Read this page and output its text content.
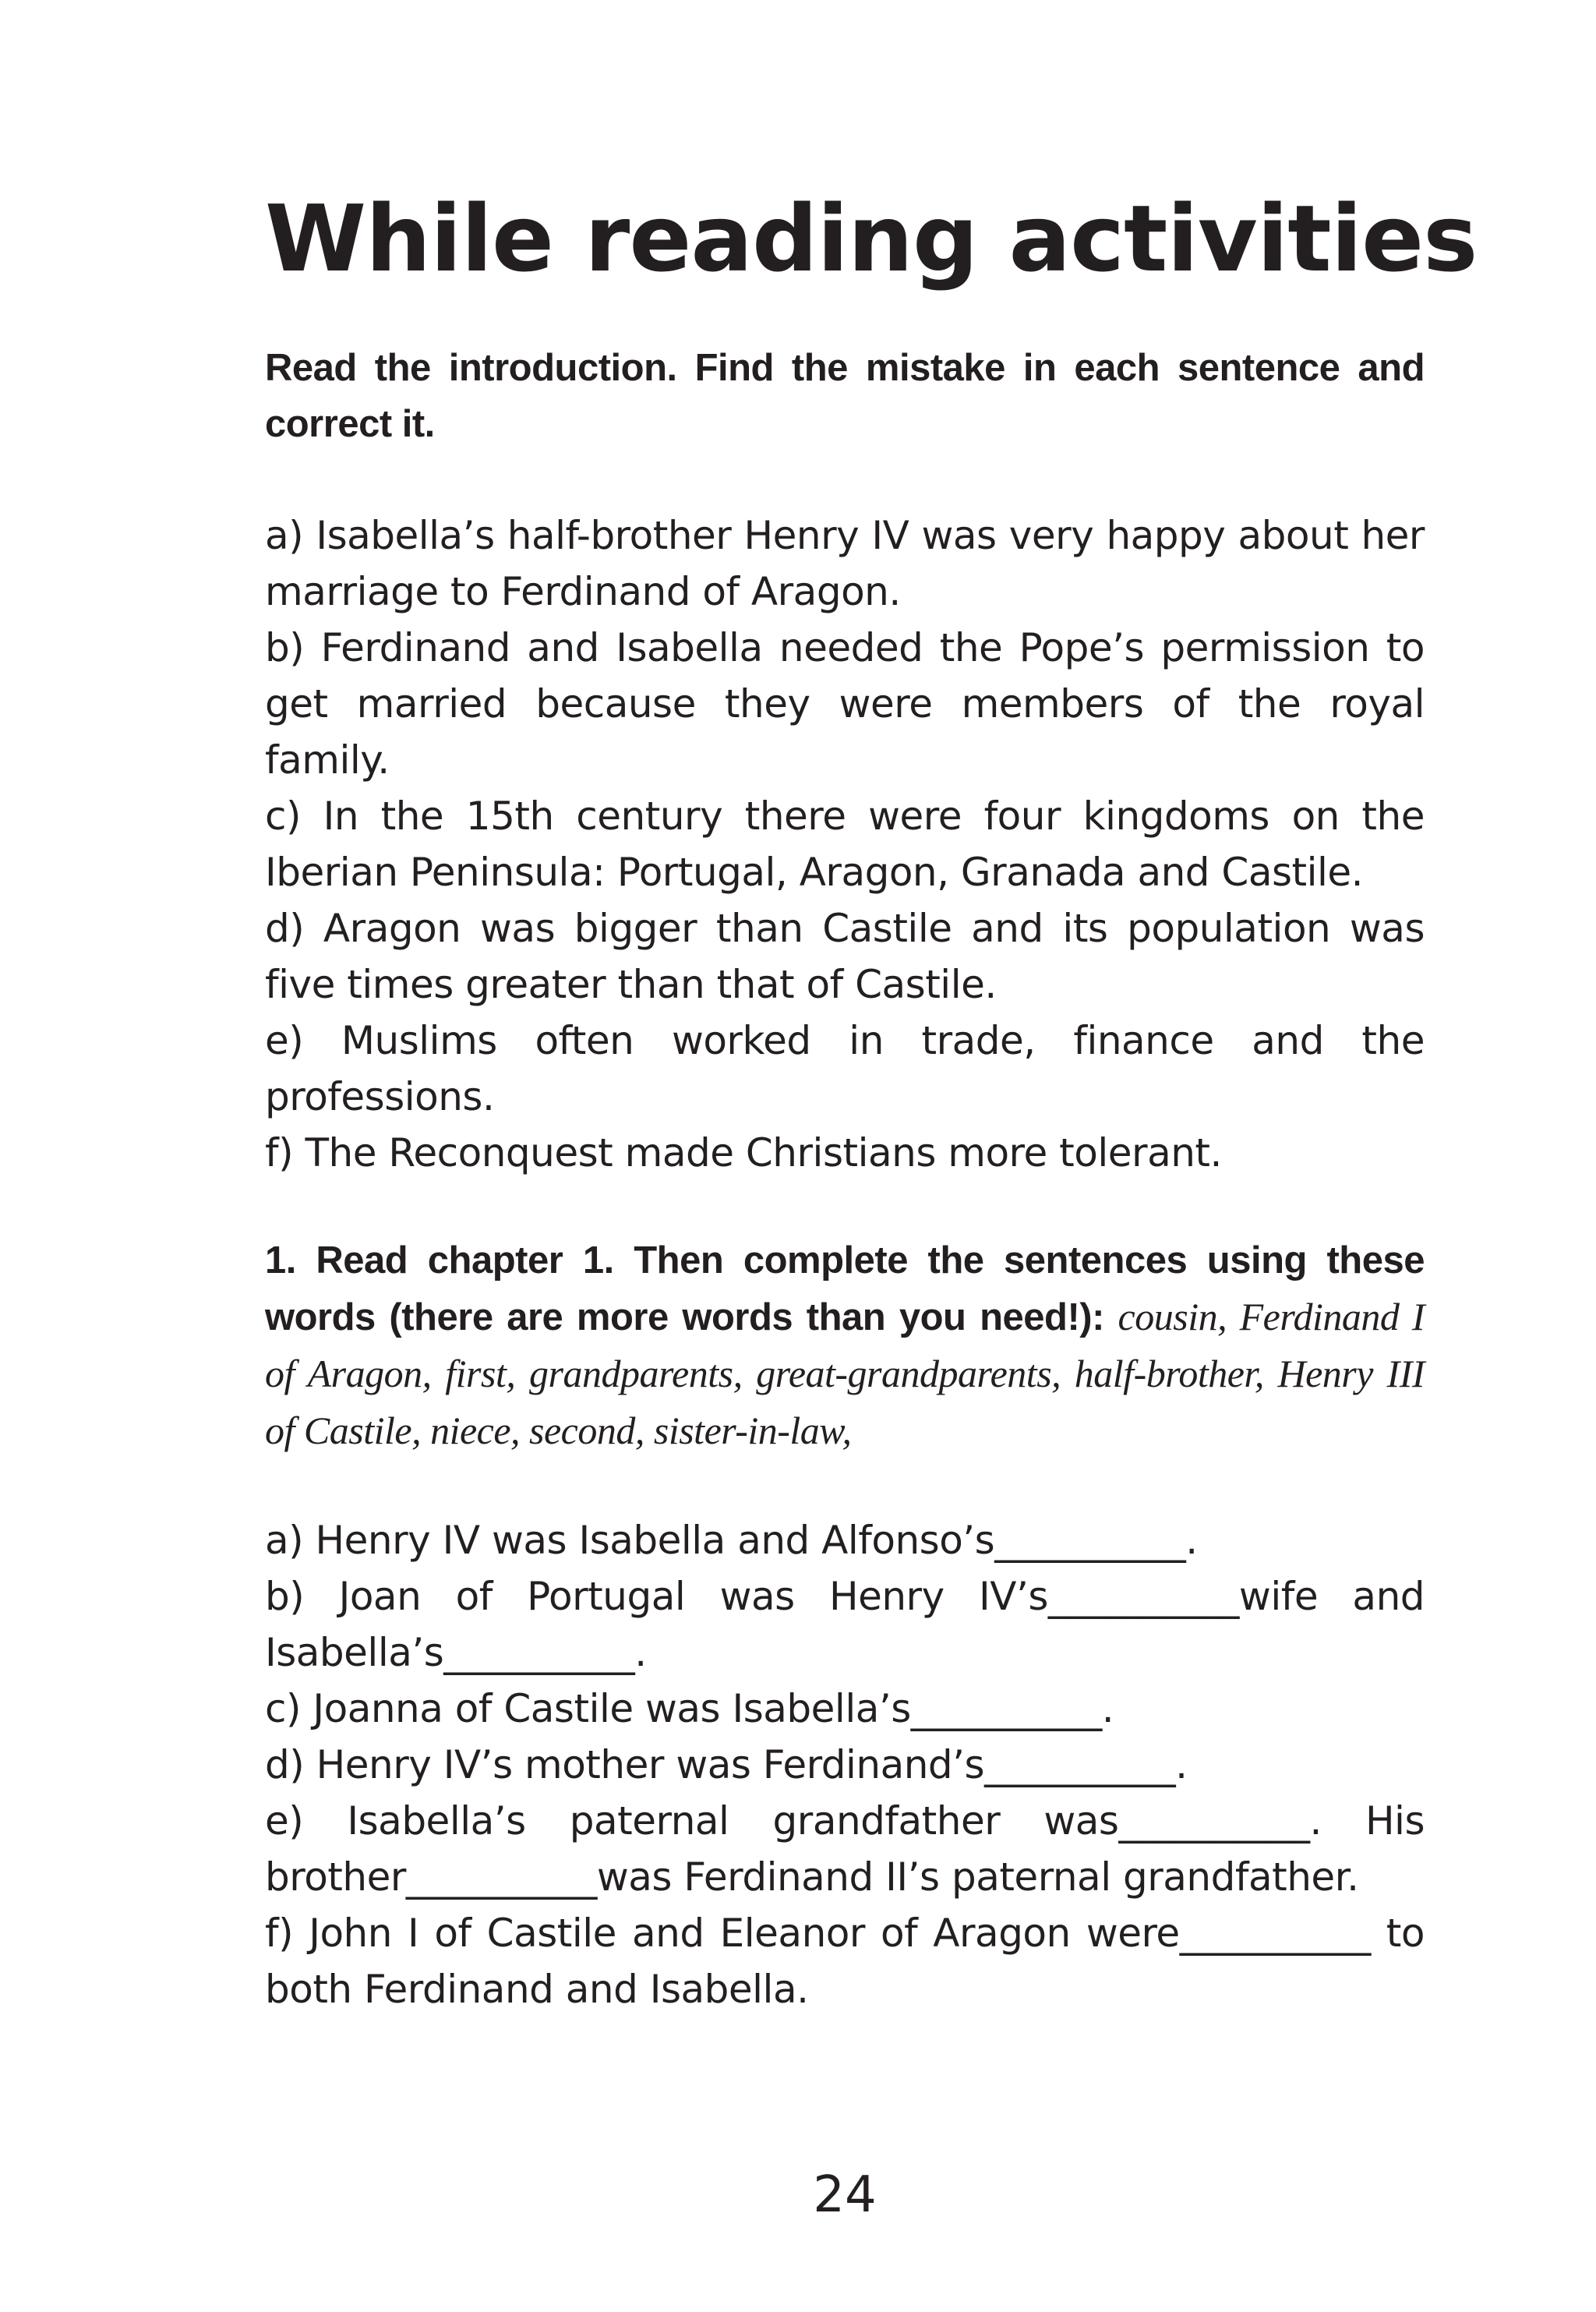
While reading activities

Read the introduction. Find the mistake in each sentence and correct it.

a) Isabella’s half-brother Henry IV was very happy about her marriage to Ferdinand of Aragon.
b) Ferdinand and Isabella needed the Pope’s permission to get married because they were members of the royal family.
c) In the 15th century there were four kingdoms on the Iberian Peninsula: Portugal, Aragon, Granada and Castile.
d) Aragon was bigger than Castile and its population was five times greater than that of Castile.
e) Muslims often worked in trade, finance and the professions.
f) The Reconquest made Christians more tolerant.

1. Read chapter 1. Then complete the sentences using these words (there are more words than you need!): cousin, Ferdinand I of Aragon, first, grandparents, great-grandparents, half-brother, Henry III of Castile, niece, second, sister-in-law,

a) Henry IV was Isabella and Alfonso’s__________.
b) Joan of Portugal was Henry IV’s__________wife and Isabella’s__________.
c) Joanna of Castile was Isabella’s__________.
d) Henry IV’s mother was Ferdinand’s__________.
e) Isabella’s paternal grandfather was__________. His brother__________was Ferdinand II’s paternal grandfather.
f) John I of Castile and Eleanor of Aragon were__________ to both Ferdinand and Isabella.
24
